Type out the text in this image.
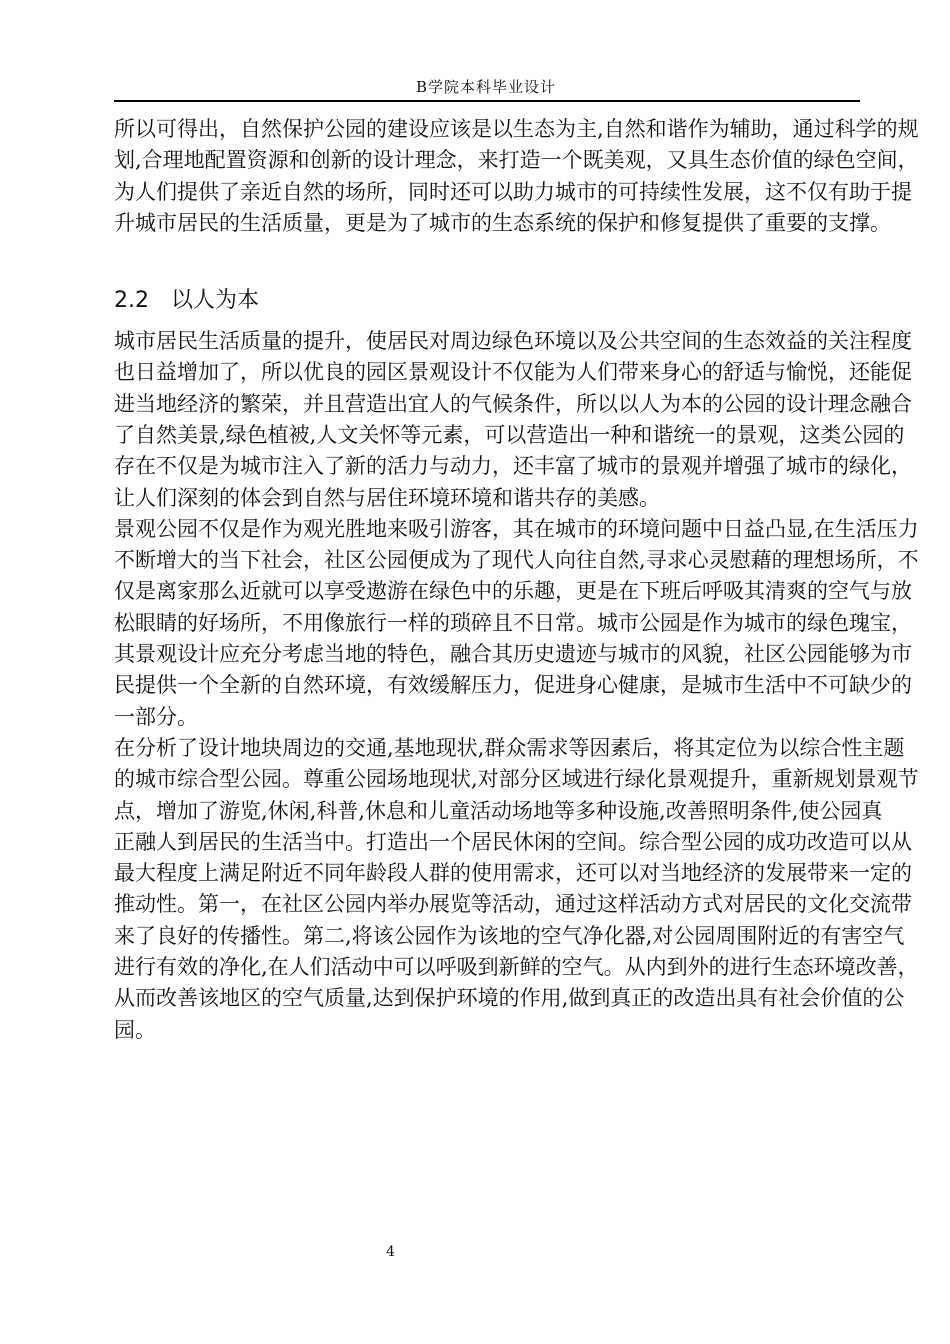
B学院本科毕业设计
所以可得出，自然保护公园的建设应该是以生态为主,自然和谐作为辅助，通过科学的规
划,合理地配置资源和创新的设计理念，来打造一个既美观，又具生态价值的绿色空间，
为人们提供了亲近自然的场所，同时还可以助力城市的可持续性发展，这不仅有助于提
升城市居民的生活质量，更是为了城市的生态系统的保护和修复提供了重要的支撑。
2.2 以人为本
城市居民生活质量的提升，使居民对周边绿色环境以及公共空间的生态效益的关注程度
也日益增加了，所以优良的园区景观设计不仅能为人们带来身心的舒适与愉悦，还能促
进当地经济的繁荣，并且营造出宜人的气候条件，所以以人为本的公园的设计理念融合
了自然美景,绿色植被,人文关怀等元素，可以营造出一种和谐统一的景观，这类公园的
存在不仅是为城市注入了新的活力与动力，还丰富了城市的景观并增强了城市的绿化，
让人们深刻的体会到自然与居住环境环境和谐共存的美感。
景观公园不仅是作为观光胜地来吸引游客，其在城市的环境问题中日益凸显,在生活压力
不断增大的当下社会，社区公园便成为了现代人向往自然,寻求心灵慰藉的理想场所，不
仅是离家那么近就可以享受遨游在绿色中的乐趣，更是在下班后呼吸其清爽的空气与放
松眼睛的好场所，不用像旅行一样的琐碎且不日常。城市公园是作为城市的绿色瑰宝，
其景观设计应充分考虑当地的特色，融合其历史遗迹与城市的风貌，社区公园能够为市
民提供一个全新的自然环境，有效缓解压力，促进身心健康，是城市生活中不可缺少的
一部分。
在分析了设计地块周边的交通,基地现状,群众需求等因素后，将其定位为以综合性主题
的城市综合型公园。尊重公园场地现状,对部分区域进行绿化景观提升，重新规划景观节
点，增加了游览,休闲,科普,休息和儿童活动场地等多种设施,改善照明条件,使公园真
正融人到居民的生活当中。打造出一个居民休闲的空间。综合型公园的成功改造可以从
最大程度上满足附近不同年龄段人群的使用需求，还可以对当地经济的发展带来一定的
推动性。第一，在社区公园内举办展览等活动，通过这样活动方式对居民的文化交流带
来了良好的传播性。第二,将该公园作为该地的空气净化器,对公园周围附近的有害空气
进行有效的净化,在人们活动中可以呼吸到新鲜的空气。从内到外的进行生态环境改善，
从而改善该地区的空气质量,达到保护环境的作用,做到真正的改造出具有社会价值的公
园。
4
